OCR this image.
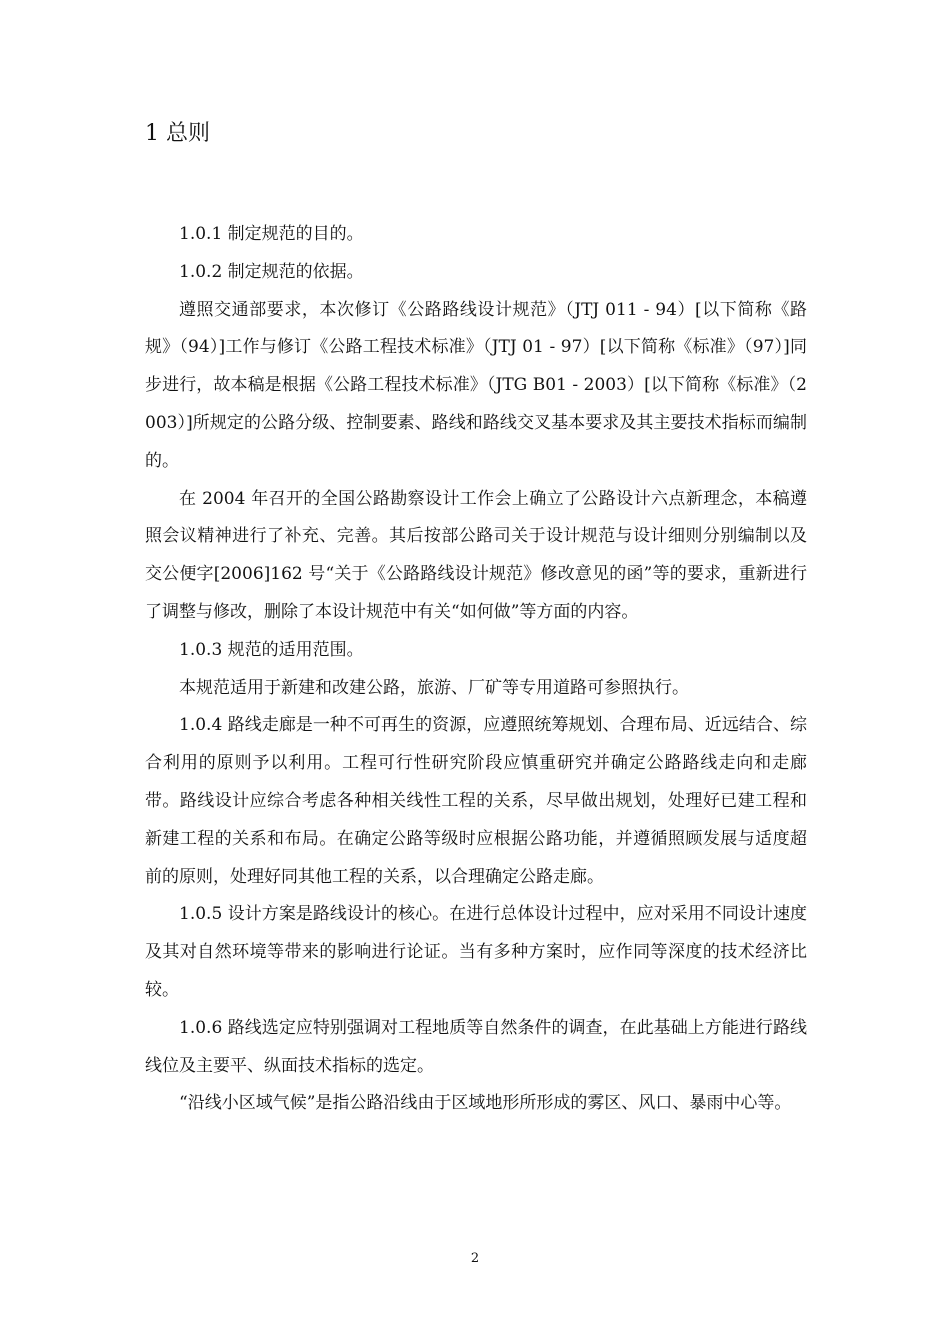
1 总则

1.0.1 制定规范的目的。

1.0.2 制定规范的依据。

遵照交通部要求，本次修订《公路路线设计规范》（JTJ 011 - 94）[以下简称《路规》（94）]工作与修订《公路工程技术标准》（JTJ 01 - 97）[以下简称《标准》（97）]同步进行，故本稿是根据《公路工程技术标准》（JTG B01 - 2003）[以下简称《标准》（2003）]所规定的公路分级、控制要素、路线和路线交叉基本要求及其主要技术指标而编制的。

在 2004 年召开的全国公路勘察设计工作会上确立了公路设计六点新理念，本稿遵照会议精神进行了补充、完善。其后按部公路司关于设计规范与设计细则分别编制以及交公便字[2006]162 号“关于《公路路线设计规范》修改意见的函”等的要求，重新进行了调整与修改，删除了本设计规范中有关“如何做”等方面的内容。

1.0.3 规范的适用范围。

本规范适用于新建和改建公路，旅游、厂矿等专用道路可参照执行。

1.0.4 路线走廊是一种不可再生的资源，应遵照统筹规划、合理布局、近远结合、综合利用的原则予以利用。工程可行性研究阶段应慎重研究并确定公路路线走向和走廊带。路线设计应综合考虑各种相关线性工程的关系，尽早做出规划，处理好已建工程和新建工程的关系和布局。在确定公路等级时应根据公路功能，并遵循照顾发展与适度超前的原则，处理好同其他工程的关系，以合理确定公路走廊。

1.0.5 设计方案是路线设计的核心。在进行总体设计过程中，应对采用不同设计速度及其对自然环境等带来的影响进行论证。当有多种方案时，应作同等深度的技术经济比较。

1.0.6 路线选定应特别强调对工程地质等自然条件的调查，在此基础上方能进行路线线位及主要平、纵面技术指标的选定。

“沿线小区域气候”是指公路沿线由于区域地形所形成的雾区、风口、暴雨中心等。

2
